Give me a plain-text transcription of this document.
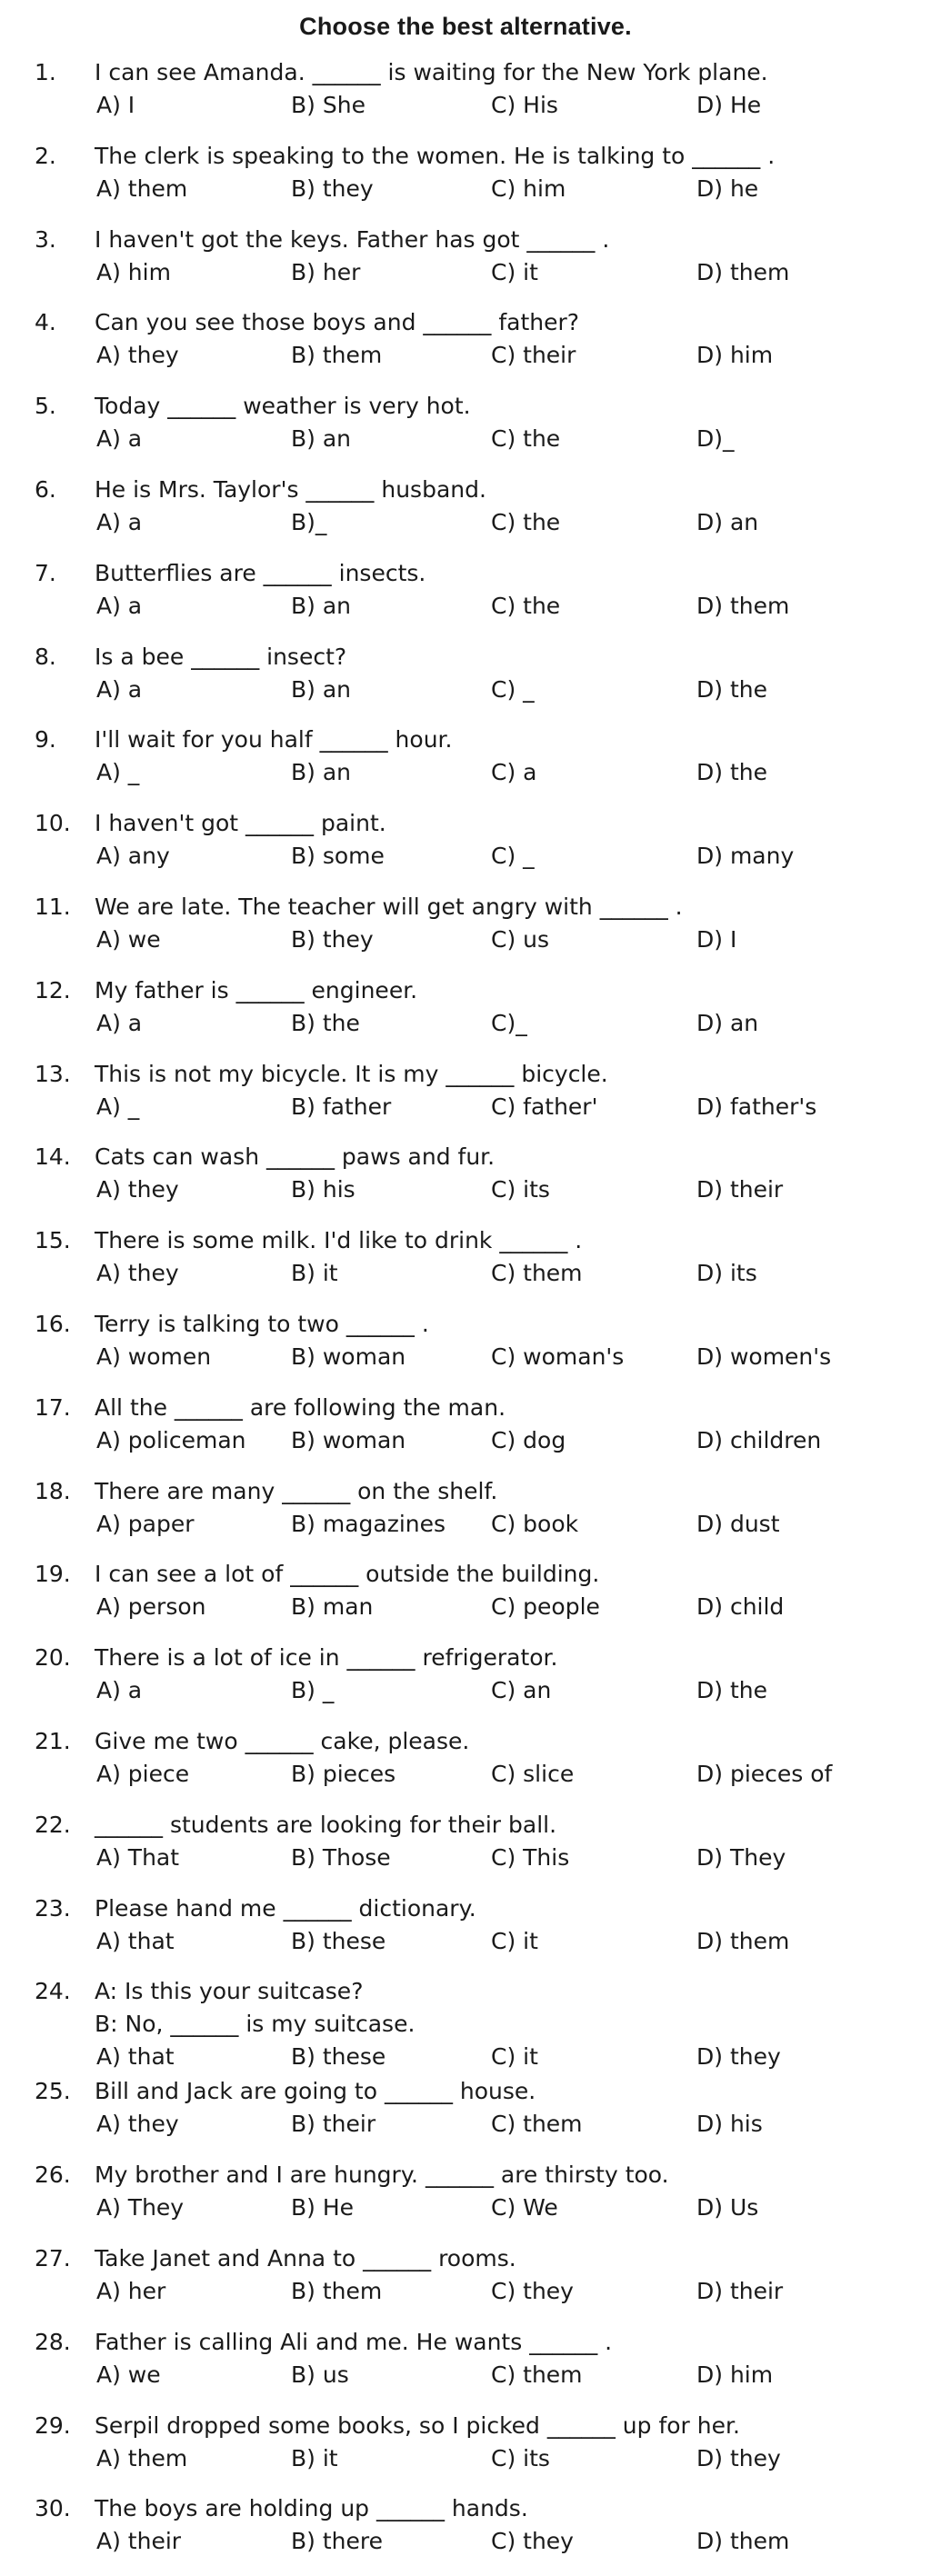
Choose the best alternative.
1.	I can see Amanda. ______ is waiting for the New York plane.
A) I	B) She	C) His	D) He
2.	The clerk is speaking to the women. He is talking to ______ .
A) them	B) they	C) him	D) he
3.	I haven't got the keys. Father has got ______ .
A) him	B) her	C) it	D) them
4.	Can you see those boys and ______ father?
A) they	B) them	C) their	D) him
5.	Today ______ weather is very hot.
A) a	B) an	C) the	D)_
6.	He is Mrs. Taylor's ______ husband.
A) a	B)_	C) the	D) an
7.	Butterflies are ______ insects.
A) a	B) an	C) the	D) them
8.	Is a bee ______ insect?
A) a	B) an	C) _	D) the
9.	I'll wait for you half ______ hour.
A) _	B) an	C) a	D) the
10.	I haven't got ______ paint.
A) any	B) some	C) _	D) many
11.	We are late. The teacher will get angry with ______ .
A) we	B) they	C) us	D) I
12.	My father is ______ engineer.
A) a	B) the	C)_	D) an
13.	This is not my bicycle. It is my ______ bicycle.
A) _	B) father	C) father'	D) father's
14.	Cats can wash ______ paws and fur.
A) they	B) his	C) its	D) their
15.	There is some milk. I'd like to drink ______ .
A) they	B) it	C) them	D) its
16.	Terry is talking to two ______ .
A) women	B) woman	C) woman's	D) women's
17.	All the ______ are following the man.
A) policeman B) woman	C) dog	D) children
18.	There are many ______ on the shelf.
A) paper	B) magazines C) book	D) dust
19.	I can see a lot of ______ outside the building.
A) person	B) man	C) people	D) child
20.	There is a lot of ice in ______ refrigerator.
A) a	B) _	C) an	D) the
21.	Give me two ______ cake, please.
A) piece	B) pieces	C) slice	D) pieces of
22.	______ students are looking for their ball.
A) That	B) Those	C) This	D) They
23.	Please hand me ______ dictionary.
A) that	B) these	C) it	D) them
24.	A: Is this your suitcase?
B: No, ______ is my suitcase.
A) that	B) these	C) it	D) they
25.	Bill and Jack are going to ______ house.
A) they	B) their	C) them	D) his
26.	My brother and I are hungry. ______ are thirsty too.
A) They	B) He	C) We	D) Us
27.	Take Janet and Anna to ______ rooms.
A) her	B) them	C) they	D) their
28.	Father is calling Ali and me. He wants ______ .
A) we	B) us	C) them	D) him
29.	Serpil dropped some books, so I picked ______ up for her.
A) them	B) it	C) its	D) they
30.	The boys are holding up ______ hands.
A) their	B) there	C) they	D) them
